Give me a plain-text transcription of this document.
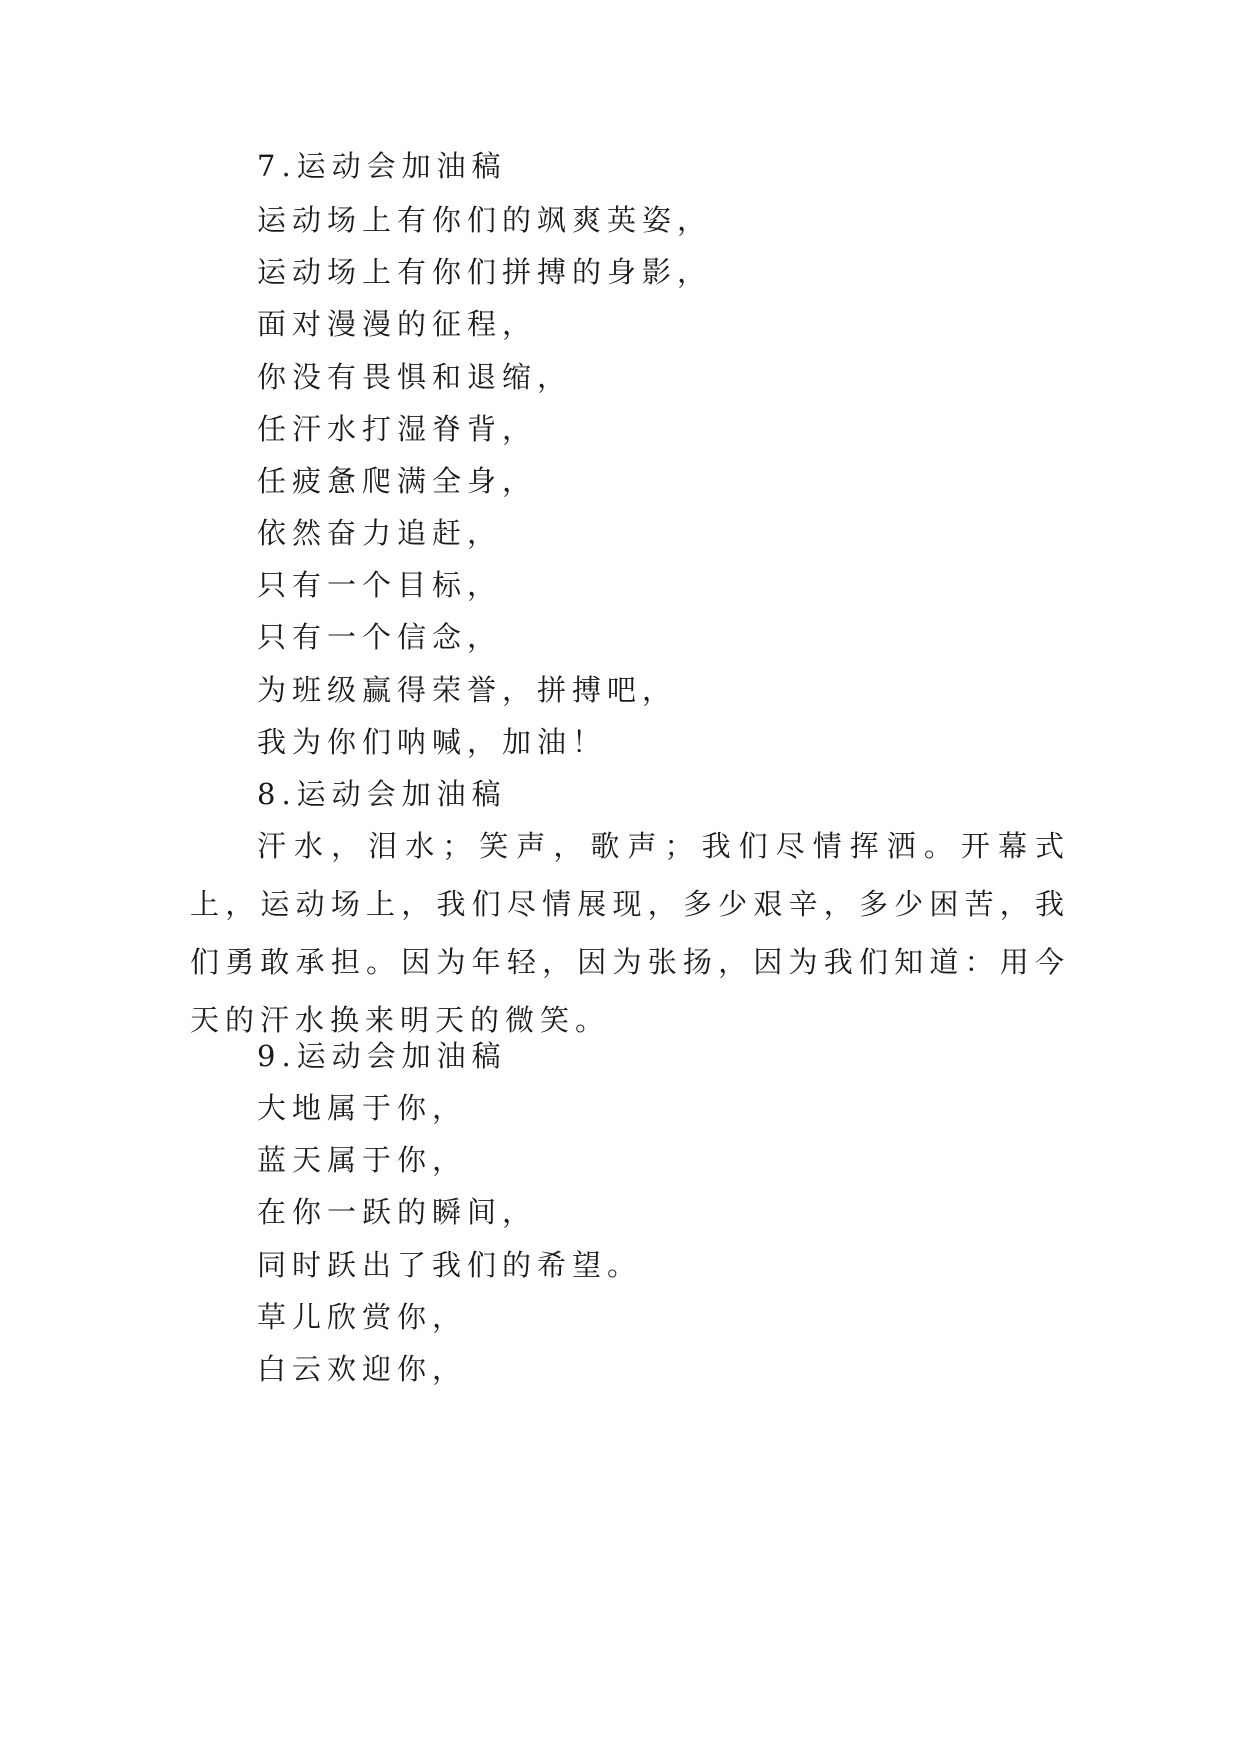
7.运动会加油稿
运动场上有你们的飒爽英姿，
运动场上有你们拼搏的身影，
面对漫漫的征程，
你没有畏惧和退缩，
任汗水打湿脊背，
任疲惫爬满全身，
依然奋力追赶，
只有一个目标，
只有一个信念，
为班级赢得荣誉，拼搏吧，
我为你们呐喊，加油！
8.运动会加油稿
汗水，泪水；笑声，歌声；我们尽情挥洒。开幕式上，运动场上，我们尽情展现，多少艰辛，多少困苦，我们勇敢承担。因为年轻，因为张扬，因为我们知道：用今天的汗水换来明天的微笑。
9.运动会加油稿
大地属于你，
蓝天属于你，
在你一跃的瞬间，
同时跃出了我们的希望。
草儿欣赏你，
白云欢迎你，
